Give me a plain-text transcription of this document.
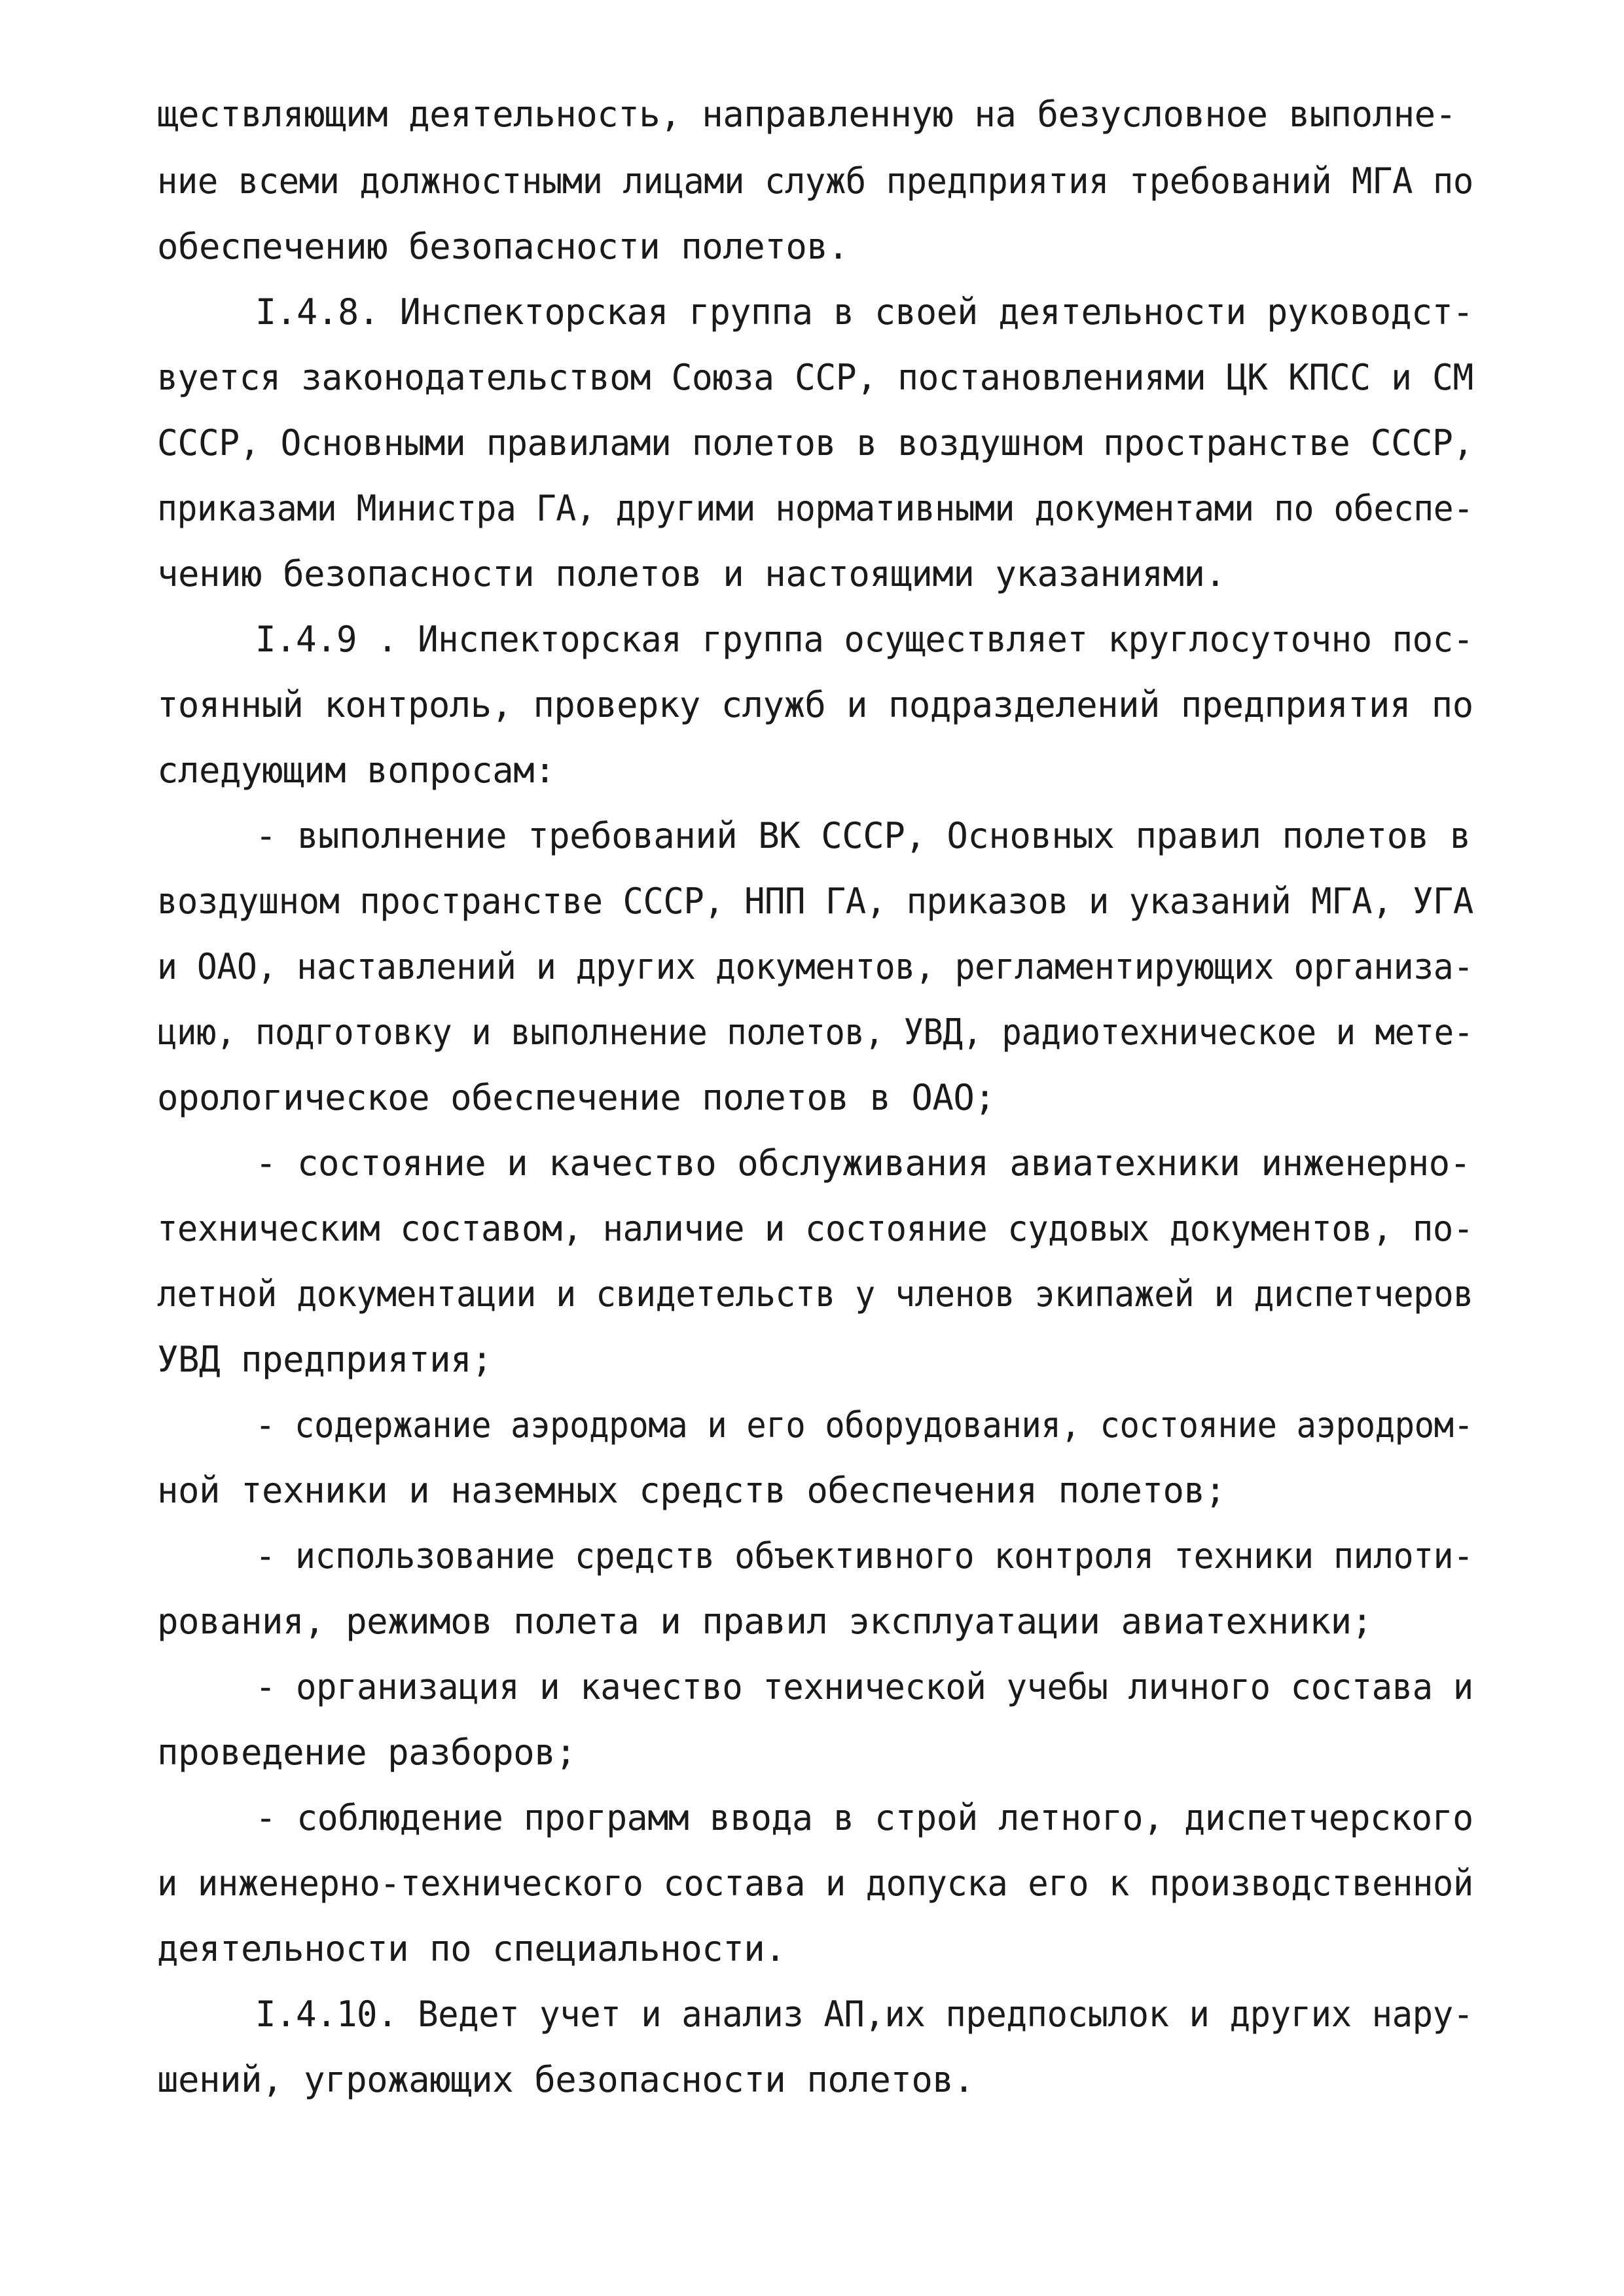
ществляющим деятельность, направленную на безусловное выполне-
ние всеми должностными лицами служб предприятия требований МГА по
обеспечению безопасности полетов.
I.4.8. Инспекторская группа в своей деятельности руководст-
вуется законодательством Союза ССР, постановлениями ЦК КПСС и СМ
СССР, Основными правилами полетов в воздушном пространстве СССР,
приказами Министра ГА, другими нормативными документами по обеспе-
чению безопасности полетов и настоящими указаниями.
I.4.9 . Инспекторская группа осуществляет круглосуточно пос-
тоянный контроль, проверку служб и подразделений предприятия по
следующим вопросам:
- выполнение требований ВК СССР, Основных правил полетов в
воздушном пространстве СССР, НПП ГА, приказов и указаний МГА, УГА
и ОАО, наставлений и других документов, регламентирующих организа-
цию, подготовку и выполнение полетов, УВД, радиотехническое и мете-
орологическое обеспечение полетов в ОАО;
- состояние и качество обслуживания авиатехники инженерно-
техническим составом, наличие и состояние судовых документов, по-
летной документации и свидетельств у членов экипажей и диспетчеров
УВД предприятия;
- содержание аэродрома и его оборудования, состояние аэродром-
ной техники и наземных средств обеспечения полетов;
- использование средств объективного контроля техники пилоти-
рования, режимов полета и правил эксплуатации авиатехники;
- организация и качество технической учебы личного состава и
проведение разборов;
- соблюдение программ ввода в строй летного, диспетчерского
и инженерно-технического состава и допуска его к производственной
деятельности по специальности.
I.4.10. Ведет учет и анализ АП,их предпосылок и других нару-
шений, угрожающих безопасности полетов.
